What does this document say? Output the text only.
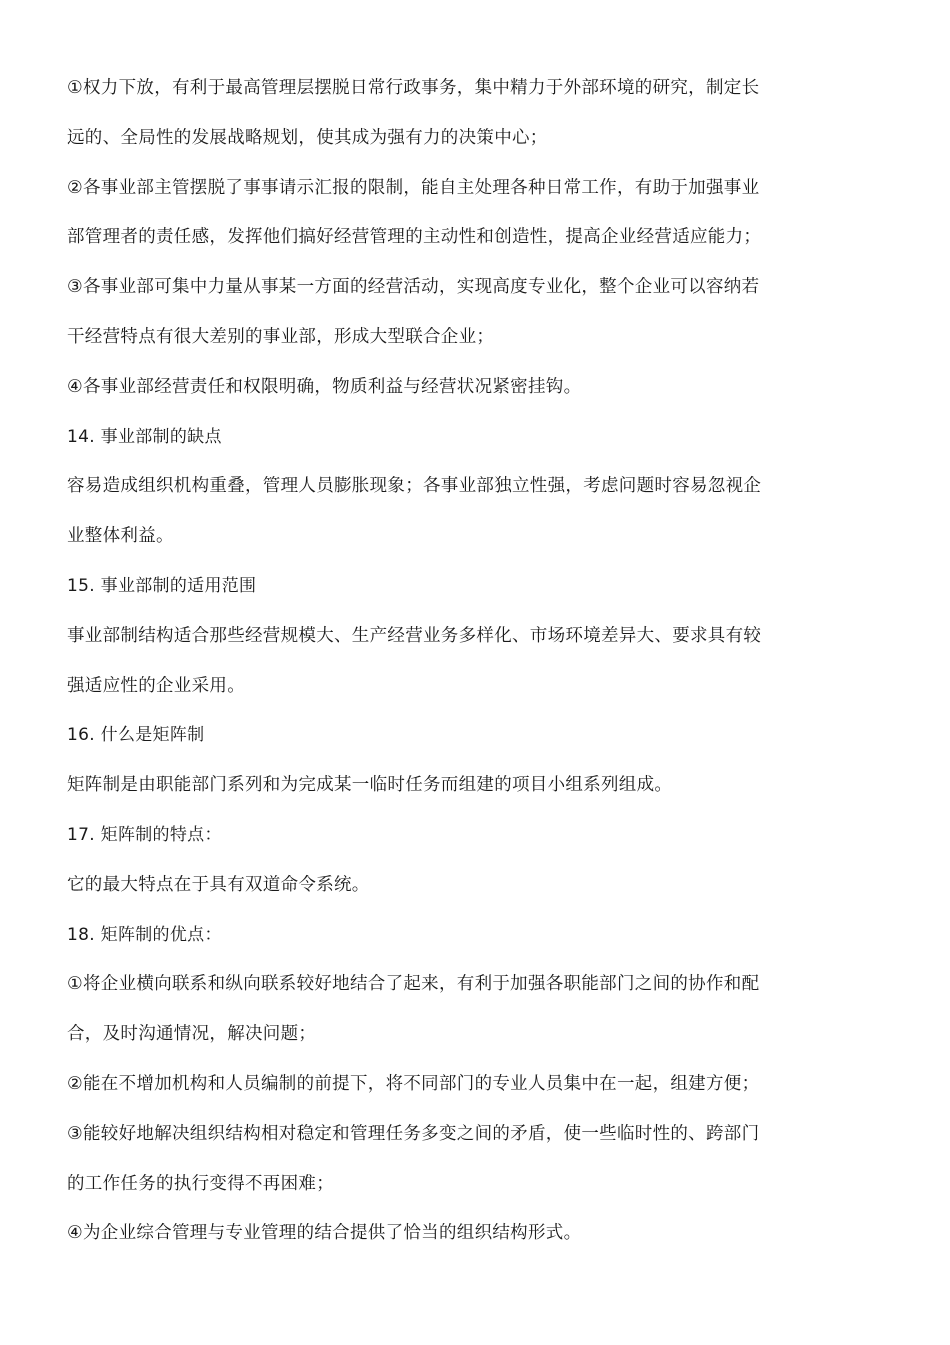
①权力下放，有利于最高管理层摆脱日常行政事务，集中精力于外部环境的研究，制定长

远的、全局性的发展战略规划，使其成为强有力的决策中心；

②各事业部主管摆脱了事事请示汇报的限制，能自主处理各种日常工作，有助于加强事业

部管理者的责任感，发挥他们搞好经营管理的主动性和创造性，提高企业经营适应能力；

③各事业部可集中力量从事某一方面的经营活动，实现高度专业化，整个企业可以容纳若

干经营特点有很大差别的事业部，形成大型联合企业；

④各事业部经营责任和权限明确，物质利益与经营状况紧密挂钩。

14. 事业部制的缺点

容易造成组织机构重叠，管理人员膨胀现象；各事业部独立性强，考虑问题时容易忽视企

业整体利益。

15. 事业部制的适用范围

事业部制结构适合那些经营规模大、生产经营业务多样化、市场环境差异大、要求具有较

强适应性的企业采用。

16. 什么是矩阵制

矩阵制是由职能部门系列和为完成某一临时任务而组建的项目小组系列组成。

17. 矩阵制的特点：

它的最大特点在于具有双道命令系统。

18. 矩阵制的优点：

①将企业横向联系和纵向联系较好地结合了起来，有利于加强各职能部门之间的协作和配

合，及时沟通情况，解决问题；

②能在不增加机构和人员编制的前提下，将不同部门的专业人员集中在一起，组建方便；

③能较好地解决组织结构相对稳定和管理任务多变之间的矛盾，使一些临时性的、跨部门

的工作任务的执行变得不再困难；

④为企业综合管理与专业管理的结合提供了恰当的组织结构形式。
